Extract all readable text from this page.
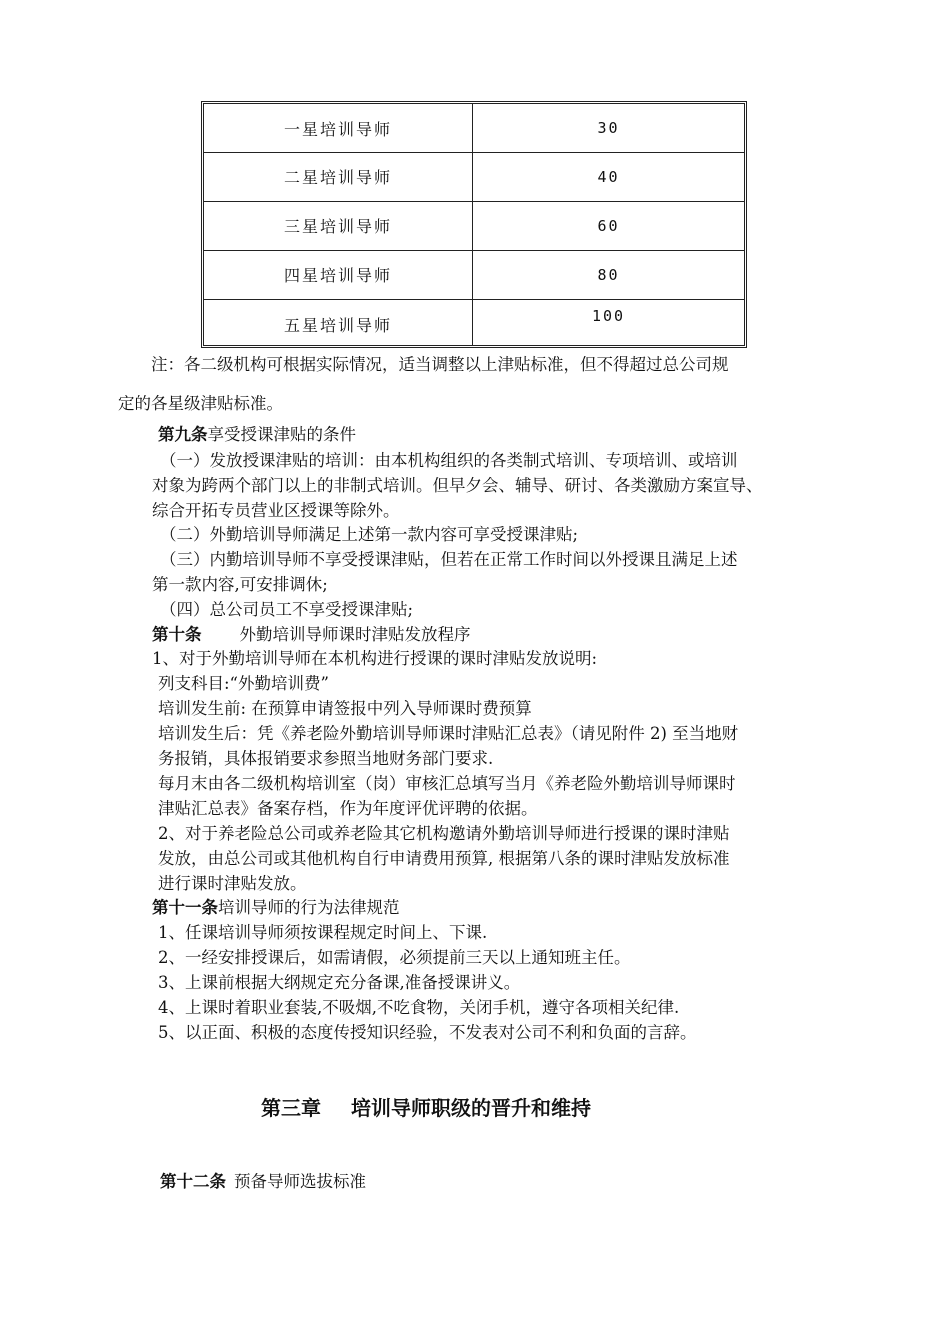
一星培训导师	30
二星培训导师	40
三星培训导师	60
四星培训导师	80
五星培训导师	100
注：各二级机构可根据实际情况，适当调整以上津贴标准，但不得超过总公司规
定的各星级津贴标准。
第九条享受授课津贴的条件
（一）发放授课津贴的培训：由本机构组织的各类制式培训、专项培训、或培训
对象为跨两个部门以上的非制式培训。但早夕会、辅导、研讨、各类激励方案宣导、
综合开拓专员营业区授课等除外。
（二）外勤培训导师满足上述第一款内容可享受授课津贴;
（三）内勤培训导师不享受授课津贴，但若在正常工作时间以外授课且满足上述
第一款内容,可安排调休;
（四）总公司员工不享受授课津贴;
第十条 外勤培训导师课时津贴发放程序
1、对于外勤培训导师在本机构进行授课的课时津贴发放说明:
列支科目:“外勤培训费”
培训发生前: 在预算申请签报中列入导师课时费预算
培训发生后：凭《养老险外勤培训导师课时津贴汇总表》（请见附件 2) 至当地财
务报销，具体报销要求参照当地财务部门要求.
每月末由各二级机构培训室（岗）审核汇总填写当月《养老险外勤培训导师课时
津贴汇总表》备案存档，作为年度评优评聘的依据。
2、对于养老险总公司或养老险其它机构邀请外勤培训导师进行授课的课时津贴
发放，由总公司或其他机构自行申请费用预算, 根据第八条的课时津贴发放标准
进行课时津贴发放。
第十一条培训导师的行为法律规范
1、任课培训导师须按课程规定时间上、下课.
2、一经安排授课后，如需请假，必须提前三天以上通知班主任。
3、上课前根据大纲规定充分备课,准备授课讲义。
4、上课时着职业套装,不吸烟,不吃食物，关闭手机，遵守各项相关纪律.
5、以正面、积极的态度传授知识经验，不发表对公司不利和负面的言辞。
第三章 培训导师职级的晋升和维持
第十二条 预备导师选拔标准
